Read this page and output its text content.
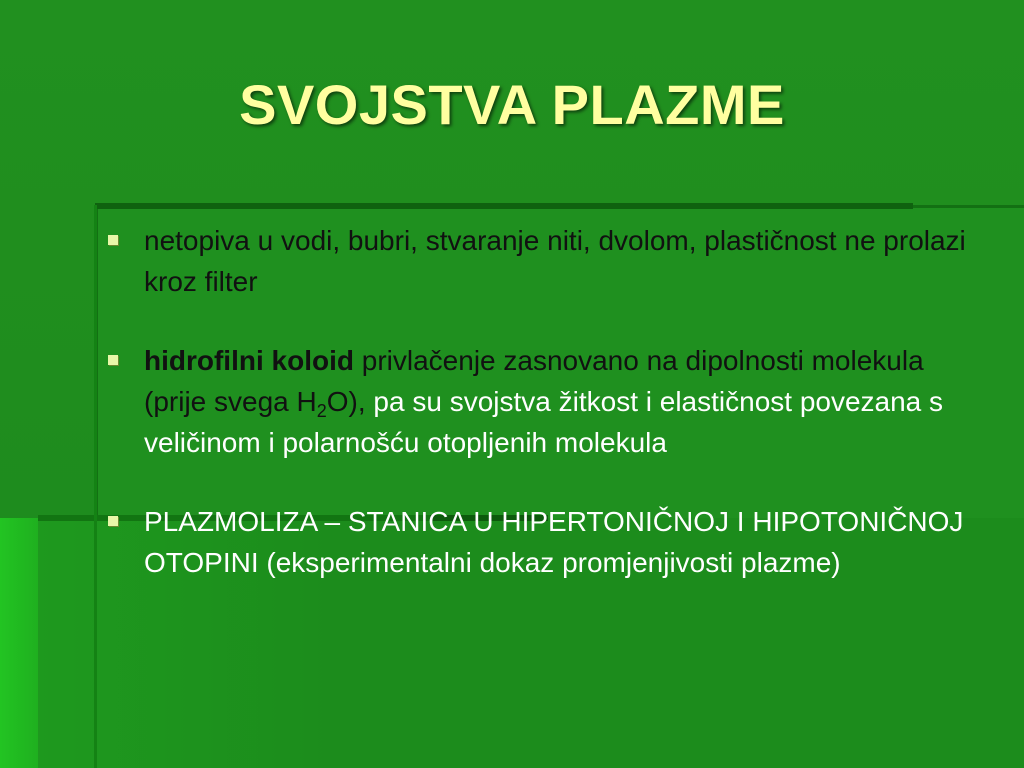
SVOJSTVA PLAZME
netopiva u vodi, bubri, stvaranje niti, dvolom, plastičnost ne prolazi kroz filter
hidrofilni koloid privlačenje zasnovano na dipolnosti molekula (prije svega $H_2O$), pa su svojstva žitkost i elastičnost povezana s veličinom i polarnošću otopljenih molekula
PLAZMOLIZA – STANICA U HIPERTONIČNOJ I HIPOTONIČNOJ OTOPINI (eksperimentalni dokaz promjenjivosti plazme)
